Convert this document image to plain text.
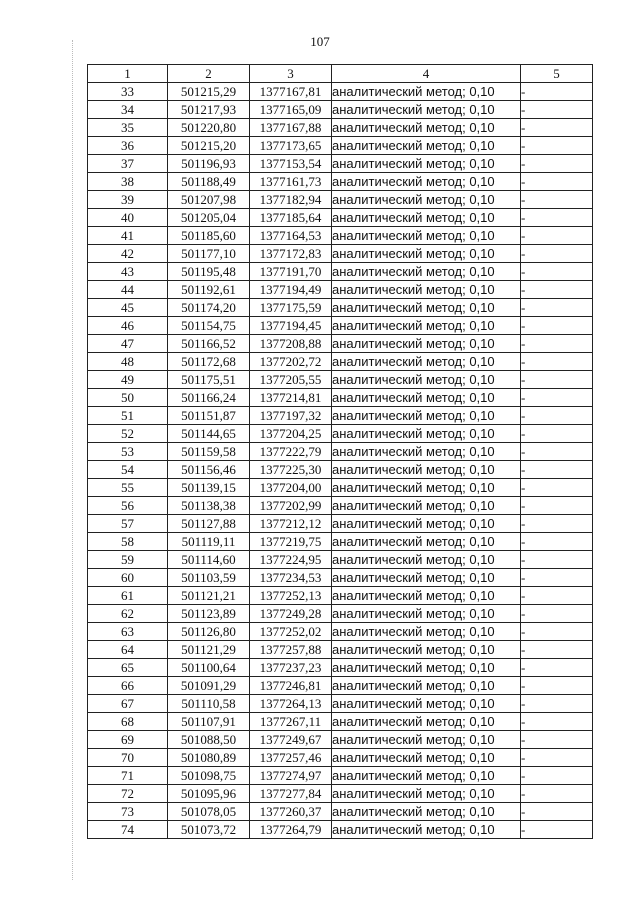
107
1	2	3	4	5
33	501215,29	1377167,81	аналитический метод; 0,10	-
34	501217,93	1377165,09	аналитический метод; 0,10	-
35	501220,80	1377167,88	аналитический метод; 0,10	-
36	501215,20	1377173,65	аналитический метод; 0,10	-
37	501196,93	1377153,54	аналитический метод; 0,10	-
38	501188,49	1377161,73	аналитический метод; 0,10	-
39	501207,98	1377182,94	аналитический метод; 0,10	-
40	501205,04	1377185,64	аналитический метод; 0,10	-
41	501185,60	1377164,53	аналитический метод; 0,10	-
42	501177,10	1377172,83	аналитический метод; 0,10	-
43	501195,48	1377191,70	аналитический метод; 0,10	-
44	501192,61	1377194,49	аналитический метод; 0,10	-
45	501174,20	1377175,59	аналитический метод; 0,10	-
46	501154,75	1377194,45	аналитический метод; 0,10	-
47	501166,52	1377208,88	аналитический метод; 0,10	-
48	501172,68	1377202,72	аналитический метод; 0,10	-
49	501175,51	1377205,55	аналитический метод; 0,10	-
50	501166,24	1377214,81	аналитический метод; 0,10	-
51	501151,87	1377197,32	аналитический метод; 0,10	-
52	501144,65	1377204,25	аналитический метод; 0,10	-
53	501159,58	1377222,79	аналитический метод; 0,10	-
54	501156,46	1377225,30	аналитический метод; 0,10	-
55	501139,15	1377204,00	аналитический метод; 0,10	-
56	501138,38	1377202,99	аналитический метод; 0,10	-
57	501127,88	1377212,12	аналитический метод; 0,10	-
58	501119,11	1377219,75	аналитический метод; 0,10	-
59	501114,60	1377224,95	аналитический метод; 0,10	-
60	501103,59	1377234,53	аналитический метод; 0,10	-
61	501121,21	1377252,13	аналитический метод; 0,10	-
62	501123,89	1377249,28	аналитический метод; 0,10	-
63	501126,80	1377252,02	аналитический метод; 0,10	-
64	501121,29	1377257,88	аналитический метод; 0,10	-
65	501100,64	1377237,23	аналитический метод; 0,10	-
66	501091,29	1377246,81	аналитический метод; 0,10	-
67	501110,58	1377264,13	аналитический метод; 0,10	-
68	501107,91	1377267,11	аналитический метод; 0,10	-
69	501088,50	1377249,67	аналитический метод; 0,10	-
70	501080,89	1377257,46	аналитический метод; 0,10	-
71	501098,75	1377274,97	аналитический метод; 0,10	-
72	501095,96	1377277,84	аналитический метод; 0,10	-
73	501078,05	1377260,37	аналитический метод; 0,10	-
74	501073,72	1377264,79	аналитический метод; 0,10	-
